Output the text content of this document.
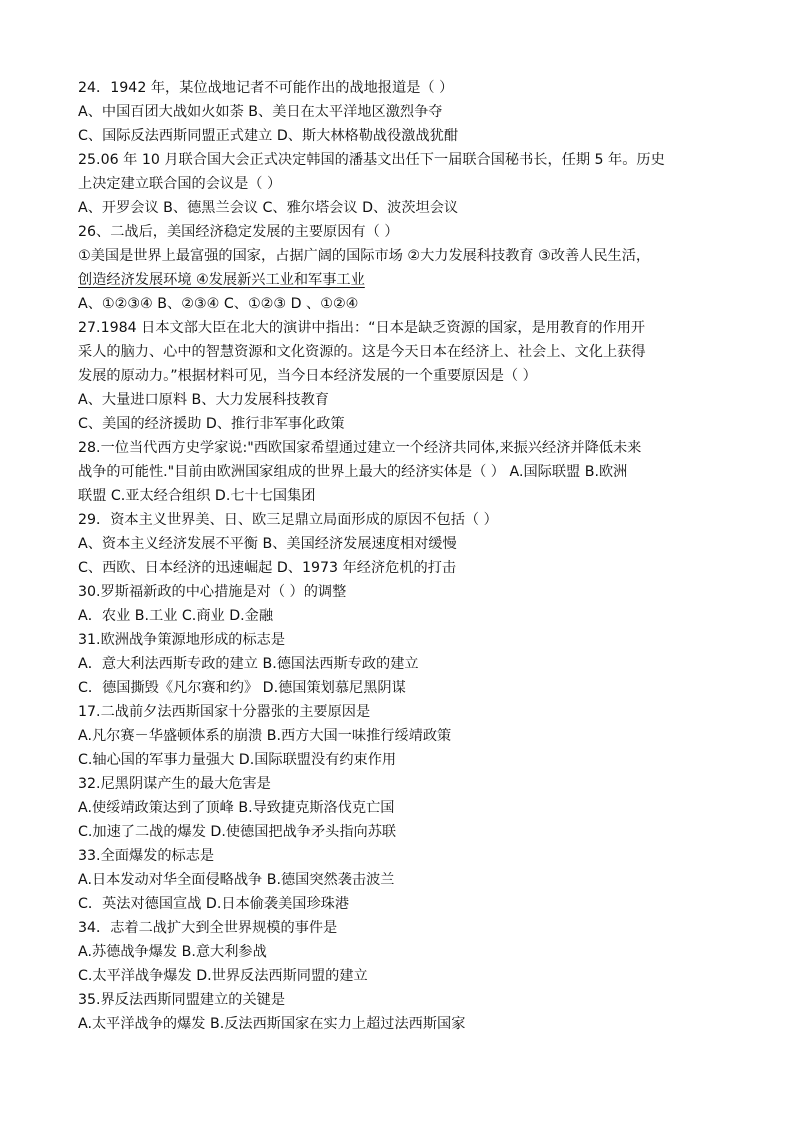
24．1942 年，某位战地记者不可能作出的战地报道是（ ）
A、中国百团大战如火如荼 B、美日在太平洋地区激烈争夺
C、国际反法西斯同盟正式建立 D、斯大林格勒战役激战犹酣
25.06 年 10 月联合国大会正式决定韩国的潘基文出任下一届联合国秘书长，任期 5 年。历史
上决定建立联合国的会议是（ ）
A、开罗会议 B、德黑兰会议 C、雅尔塔会议 D、波茨坦会议
26、二战后，美国经济稳定发展的主要原因有（ ）
①美国是世界上最富强的国家，占据广阔的国际市场 ②大力发展科技教育 ③改善人民生活，
创造经济发展环境 ④发展新兴工业和军事工业
A、①②③④ B、②③④ C、①②③ D 、①②④
27.1984 日本文部大臣在北大的演讲中指出：“日本是缺乏资源的国家，是用教育的作用开
采人的脑力、心中的智慧资源和文化资源的。这是今天日本在经济上、社会上、文化上获得
发展的原动力。”根据材料可见，当今日本经济发展的一个重要原因是（ ）
A、大量进口原料 B、大力发展科技教育
C、美国的经济援助 D、推行非军事化政策
28.一位当代西方史学家说:"西欧国家希望通过建立一个经济共同体,来振兴经济并降低未来
战争的可能性."目前由欧洲国家组成的世界上最大的经济实体是（ ） A.国际联盟 B.欧洲
联盟 C.亚太经合组织 D.七十七国集团
29．资本主义世界美、日、欧三足鼎立局面形成的原因不包括（ ）
A、资本主义经济发展不平衡 B、美国经济发展速度相对缓慢
C、西欧、日本经济的迅速崛起 D、1973 年经济危机的打击
30.罗斯福新政的中心措施是对（ ）的调整
A．农业 B.工业 C.商业 D.金融
31.欧洲战争策源地形成的标志是
A．意大利法西斯专政的建立 B.德国法西斯专政的建立
C．德国撕毁《凡尔赛和约》 D.德国策划慕尼黑阴谋
17.二战前夕法西斯国家十分嚣张的主要原因是
A.凡尔赛－华盛顿体系的崩溃 B.西方大国一味推行绥靖政策
C.轴心国的军事力量强大 D.国际联盟没有约束作用
32.尼黑阴谋产生的最大危害是
A.使绥靖政策达到了顶峰 B.导致捷克斯洛伐克亡国
C.加速了二战的爆发 D.使德国把战争矛头指向苏联
33.全面爆发的标志是
A.日本发动对华全面侵略战争 B.德国突然袭击波兰
C．英法对德国宣战 D.日本偷袭美国珍珠港
34．志着二战扩大到全世界规模的事件是
A.苏德战争爆发 B.意大利参战
C.太平洋战争爆发 D.世界反法西斯同盟的建立
35.界反法西斯同盟建立的关键是
A.太平洋战争的爆发 B.反法西斯国家在实力上超过法西斯国家
